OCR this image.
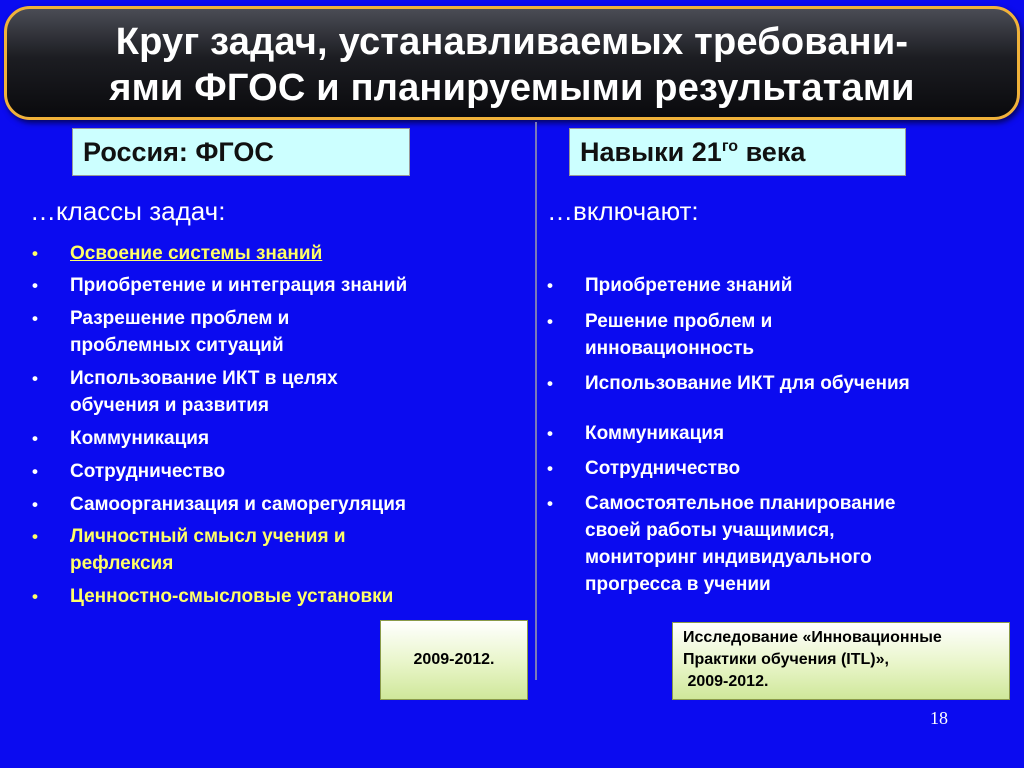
Круг задач, устанавливаемых требовани-
ями ФГОС и планируемыми результатами
Россия: ФГОС	Навыки $21^{го}$ века
…классы задач:	…включают:
• Освоение системы знаний
• Приобретение и интеграция знаний
• Разрешение проблем и
проблемных ситуаций
• Использование ИКТ в целях
обучения и развития
• Коммуникация
• Сотрудничество
• Самоорганизация и саморегуляция
• Личностный смысл учения и
рефлексия
• Ценностно-смысловые установки
• Приобретение знаний
• Решение проблем и
инновационность
• Использование ИКТ для обучения
• Коммуникация
• Сотрудничество
• Самостоятельное планирование
своей работы учащимися,
мониторинг индивидуального
прогресса в учении
2009-2012.
Исследование «Инновационные
Практики обучения (ITL)»,
2009-2012.
18
